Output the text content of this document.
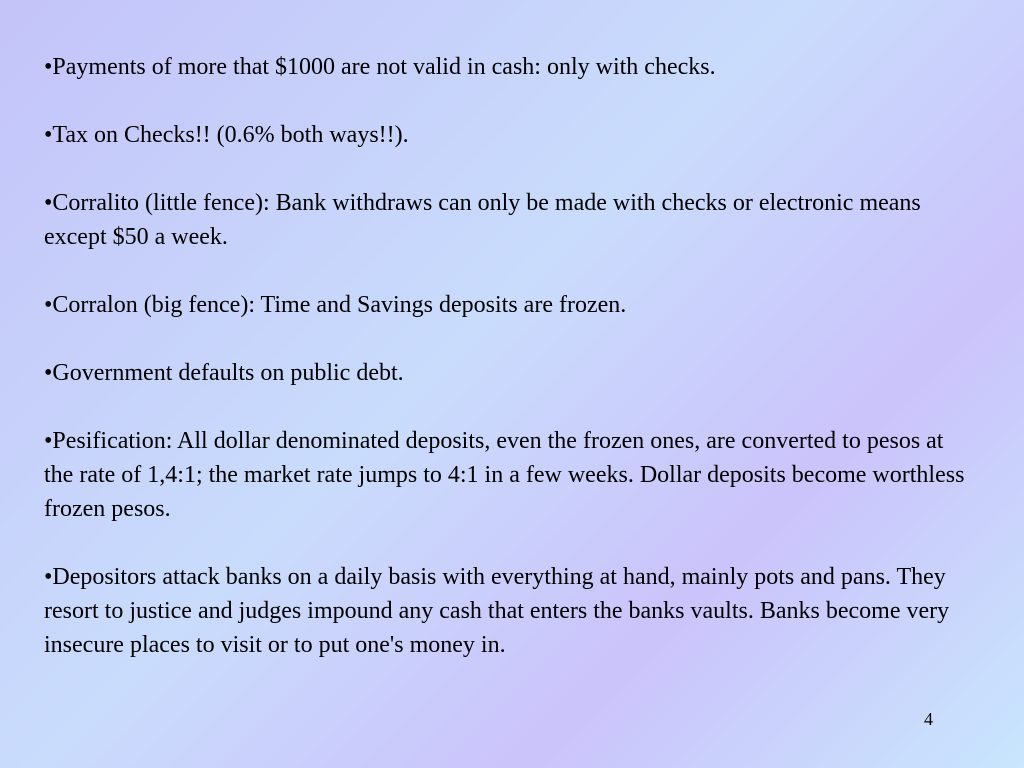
•Payments of more that $1000 are not valid in cash: only with checks.
•Tax on Checks!! (0.6% both ways!!).
•Corralito (little fence): Bank withdraws can only be made with checks or electronic means except $50 a week.
•Corralon (big fence): Time and Savings deposits are frozen.
•Government defaults on public debt.
•Pesification: All dollar denominated deposits, even the frozen ones, are converted to pesos at the rate of 1,4:1; the market rate jumps to 4:1 in a few weeks. Dollar deposits become worthless frozen pesos.
•Depositors attack banks on a daily basis with everything at hand, mainly pots and pans. They resort to justice and judges impound any cash that enters the banks vaults. Banks become very insecure places to visit or to put one's money in.
4
